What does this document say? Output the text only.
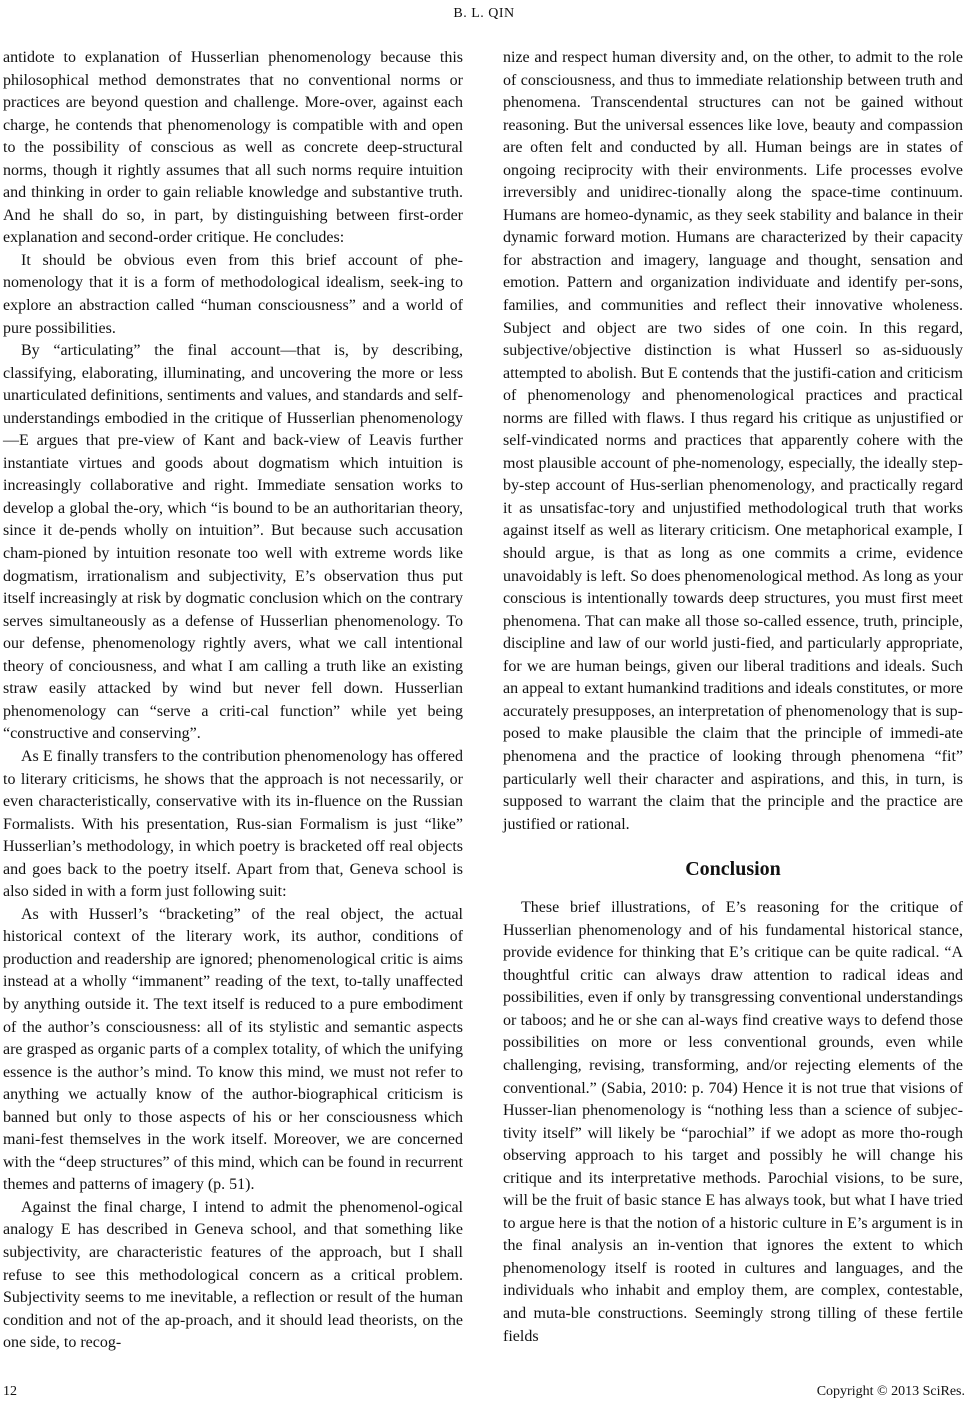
B. L. QIN

antidote to explanation of Husserlian phenomenology because this philosophical method demonstrates that no conventional norms or practices are beyond question and challenge. More-over, against each charge, he contends that phenomenology is compatible with and open to the possibility of conscious as well as concrete deep-structural norms, though it rightly assumes that all such norms require intuition and thinking in order to gain reliable knowledge and substantive truth. And he shall do so, in part, by distinguishing between first-order explanation and second-order critique. He concludes:

It should be obvious even from this brief account of phe-nomenology that it is a form of methodological idealism, seek-ing to explore an abstraction called “human consciousness” and a world of pure possibilities.

By “articulating” the final account—that is, by describing, classifying, elaborating, illuminating, and uncovering the more or less unarticulated definitions, sentiments and values, and standards and self-understandings embodied in the critique of Husserlian phenomenology—E argues that pre-view of Kant and back-view of Leavis further instantiate virtues and goods about dogmatism which intuition is increasingly collaborative and right. Immediate sensation works to develop a global the-ory, which “is bound to be an authoritarian theory, since it de-pends wholly on intuition”. But because such accusation cham-pioned by intuition resonate too well with extreme words like dogmatism, irrationalism and subjectivity, E’s observation thus put itself increasingly at risk by dogmatic conclusion which on the contrary serves simultaneously as a defense of Husserlian phenomenology. To our defense, phenomenology rightly avers, what we call intentional theory of conciousness, and what I am calling a truth like an existing straw easily attacked by wind but never fell down. Husserlian phenomenology can “serve a criti-cal function” while yet being “constructive and conserving”.

As E finally transfers to the contribution phenomenology has offered to literary criticisms, he shows that the approach is not necessarily, or even characteristically, conservative with its in-fluence on the Russian Formalists. With his presentation, Rus-sian Formalism is just “like” Husserlian’s methodology, in which poetry is bracketed off real objects and goes back to the poetry itself. Apart from that, Geneva school is also sided in with a form just following suit:

As with Husserl’s “bracketing” of the real object, the actual historical context of the literary work, its author, conditions of production and readership are ignored; phenomenological critic is aims instead at a wholly “immanent” reading of the text, to-tally unaffected by anything outside it. The text itself is reduced to a pure embodiment of the author’s consciousness: all of its stylistic and semantic aspects are grasped as organic parts of a complex totality, of which the unifying essence is the author’s mind. To know this mind, we must not refer to anything we actually know of the author-biographical criticism is banned but only to those aspects of his or her consciousness which mani-fest themselves in the work itself. Moreover, we are concerned with the “deep structures” of this mind, which can be found in recurrent themes and patterns of imagery (p. 51).

Against the final charge, I intend to admit the phenomenol-ogical analogy E has described in Geneva school, and that something like subjectivity, are characteristic features of the approach, but I shall refuse to see this methodological concern as a critical problem. Subjectivity seems to me inevitable, a reflection or result of the human condition and not of the ap-proach, and it should lead theorists, on the one side, to recog-

nize and respect human diversity and, on the other, to admit to the role of consciousness, and thus to immediate relationship between truth and phenomena. Transcendental structures can not be gained without reasoning. But the universal essences like love, beauty and compassion are often felt and conducted by all. Human beings are in states of ongoing reciprocity with their environments. Life processes evolve irreversibly and unidirec-tionally along the space-time continuum. Humans are homeo-dynamic, as they seek stability and balance in their dynamic forward motion. Humans are characterized by their capacity for abstraction and imagery, language and thought, sensation and emotion. Pattern and organization individuate and identify per-sons, families, and communities and reflect their innovative wholeness. Subject and object are two sides of one coin. In this regard, subjective/objective distinction is what Husserl so as-siduously attempted to abolish. But E contends that the justifi-cation and criticism of phenomenology and phenomenological practices and practical norms are filled with flaws. I thus regard his critique as unjustified or self-vindicated norms and practices that apparently cohere with the most plausible account of phe-nomenology, especially, the ideally step-by-step account of Hus-serlian phenomenology, and practically regard it as unsatisfac-tory and unjustified methodological truth that works against itself as well as literary criticism. One metaphorical example, I should argue, is that as long as one commits a crime, evidence unavoidably is left. So does phenomenological method. As long as your conscious is intentionally towards deep structures, you must first meet phenomena. That can make all those so-called essence, truth, principle, discipline and law of our world justi-fied, and particularly appropriate, for we are human beings, given our liberal traditions and ideals. Such an appeal to extant humankind traditions and ideals constitutes, or more accurately presupposes, an interpretation of phenomenology that is sup-posed to make plausible the claim that the principle of immedi-ate phenomena and the practice of looking through phenomena “fit” particularly well their character and aspirations, and this, in turn, is supposed to warrant the claim that the principle and the practice are justified or rational.

Conclusion

These brief illustrations, of E’s reasoning for the critique of Husserlian phenomenology and of his fundamental historical stance, provide evidence for thinking that E’s critique can be quite radical. “A thoughtful critic can always draw attention to radical ideas and possibilities, even if only by transgressing conventional understandings or taboos; and he or she can al-ways find creative ways to defend those possibilities on more or less conventional grounds, even while challenging, revising, transforming, and/or rejecting elements of the conventional.” (Sabia, 2010: p. 704) Hence it is not true that visions of Husser-lian phenomenology is “nothing less than a science of subjec-tivity itself” will likely be “parochial” if we adopt as more tho-rough observing approach to his target and possibly he will change his critique and its interpretative methods. Parochial visions, to be sure, will be the fruit of basic stance E has always took, but what I have tried to argue here is that the notion of a historic culture in E’s argument is in the final analysis an in-vention that ignores the extent to which phenomenology itself is rooted in cultures and languages, and the individuals who inhabit and employ them, are complex, contestable, and muta-ble constructions. Seemingly strong tilling of these fertile fields

12	Copyright © 2013 SciRes.
